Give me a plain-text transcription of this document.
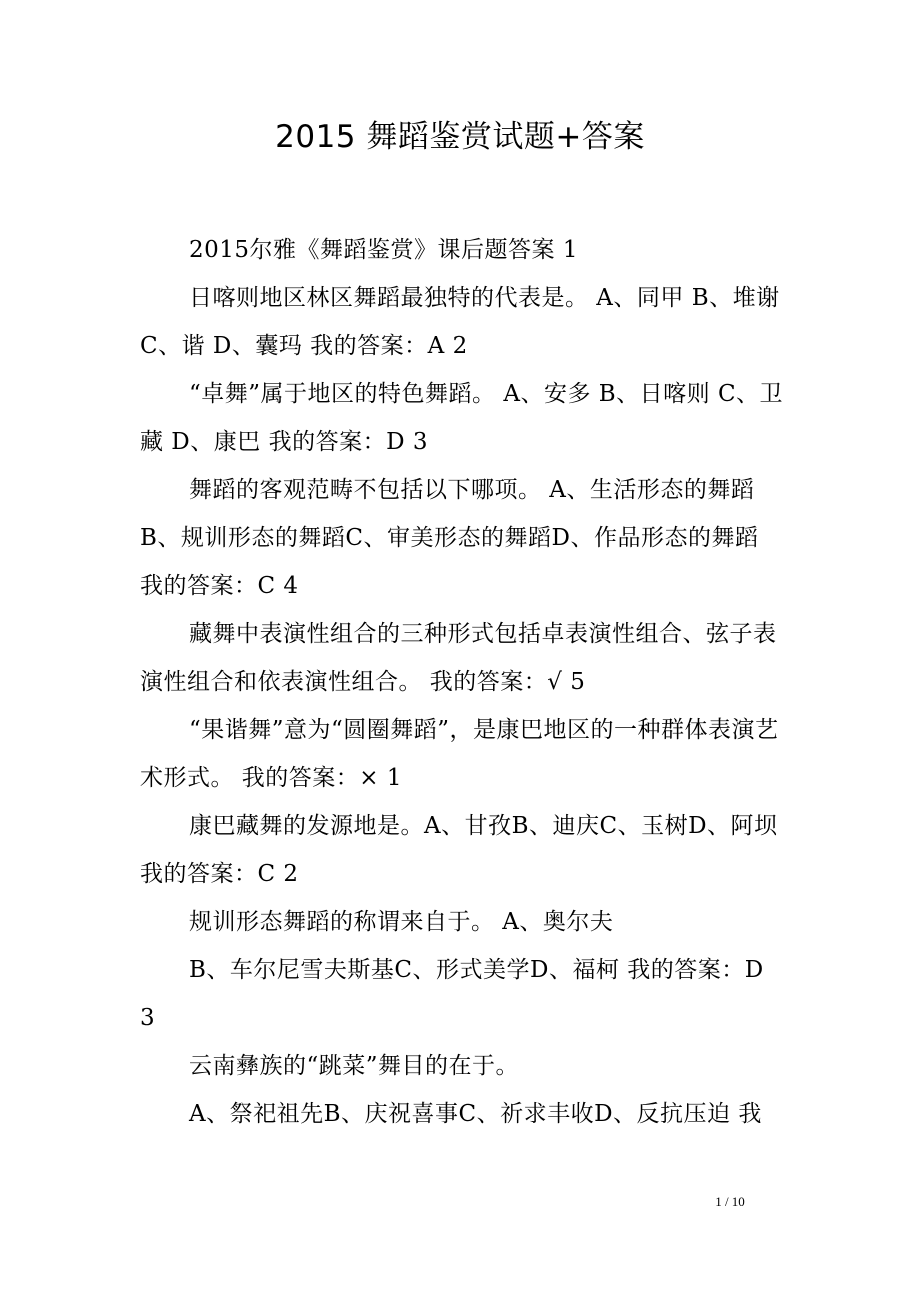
2015 舞蹈鉴赏试题+答案

2015尔雅《舞蹈鉴赏》课后题答案 1

日喀则地区林区舞蹈最独特的代表是。 A、同甲 B、堆谢 C、谐 D、囊玛 我的答案：A 2

“卓舞”属于地区的特色舞蹈。 A、安多 B、日喀则 C、卫藏 D、康巴 我的答案：D 3

舞蹈的客观范畴不包括以下哪项。 A、生活形态的舞蹈 B、规训形态的舞蹈C、审美形态的舞蹈D、作品形态的舞蹈 我的答案：C 4

藏舞中表演性组合的三种形式包括卓表演性组合、弦子表演性组合和依表演性组合。 我的答案：√ 5

“果谐舞”意为“圆圈舞蹈”，是康巴地区的一种群体表演艺术形式。 我的答案：× 1

康巴藏舞的发源地是。A、甘孜B、迪庆C、玉树D、阿坝 我的答案：C 2

规训形态舞蹈的称谓来自于。 A、奥尔夫

B、车尔尼雪夫斯基C、形式美学D、福柯 我的答案：D 3

云南彝族的“跳菜”舞目的在于。

A、祭祀祖先B、庆祝喜事C、祈求丰收D、反抗压迫 我

1 / 10
